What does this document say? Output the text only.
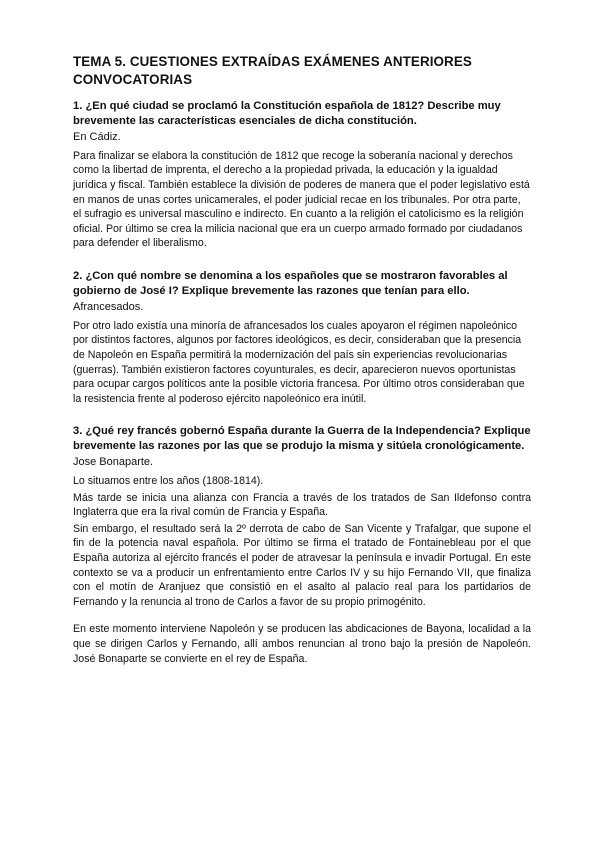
TEMA 5. CUESTIONES EXTRAÍDAS EXÁMENES ANTERIORES CONVOCATORIAS

1. ¿En qué ciudad se proclamó la Constitución española de 1812? Describe muy brevemente las características esenciales de dicha constitución.

En Cádiz.

Para finalizar se elabora la constitución de 1812 que recoge la soberanía nacional y derechos como la libertad de imprenta, el derecho a la propiedad privada, la educación y la igualdad jurídica y fiscal. También establece la división de poderes de manera que el poder legislativo está en manos de unas cortes unicamerales, el poder judicial recae en los tribunales. Por otra parte, el sufragio es universal masculino e indirecto. En cuanto a la religión el catolicismo es la religión oficial. Por último se crea la milicia nacional que era un cuerpo armado formado por ciudadanos para defender el liberalismo.

2. ¿Con qué nombre se denomina a los españoles que se mostraron favorables al gobierno de José I? Explique brevemente las razones que tenían para ello.

Afrancesados.

Por otro lado existía una minoría de afrancesados los cuales apoyaron el régimen napoleónico por distintos factores, algunos por factores ideológicos, es decir, consideraban que la presencia de Napoleón en España permitirá la modernización del país sin experiencias revolucionarias (guerras). También existieron factores coyunturales, es decir, aparecieron nuevos oportunistas para ocupar cargos políticos ante la posible victoria francesa. Por último otros consideraban que la resistencia frente al poderoso ejército napoleónico era inútil.

3. ¿Qué rey francés gobernó España durante la Guerra de la Independencia? Explique brevemente las razones por las que se produjo la misma y sitúela cronológicamente.

Jose Bonaparte.

Lo situamos entre los años (1808-1814).

Más tarde se inicia una alianza con Francia a través de los tratados de San Ildefonso contra Inglaterra que era la rival común de Francia y España.

Sin embargo, el resultado será la 2º derrota de cabo de San Vicente y Trafalgar, que supone el fin de la potencia naval española. Por último se firma el tratado de Fontainebleau por el que España autoriza al ejército francés el poder de atravesar la península e invadir Portugal. En este contexto se va a producir un enfrentamiento entre Carlos IV y su hijo Fernando VII, que finaliza con el motín de Aranjuez que consistió en el asalto al palacio real para los partidarios de Fernando y la renuncia al trono de Carlos a favor de su propio primogénito.

En este momento interviene Napoleón y se producen las abdicaciones de Bayona, localidad a la que se dirigen Carlos y Fernando, allí ambos renuncian al trono bajo la presión de Napoleón. José Bonaparte se convierte en el rey de España.
